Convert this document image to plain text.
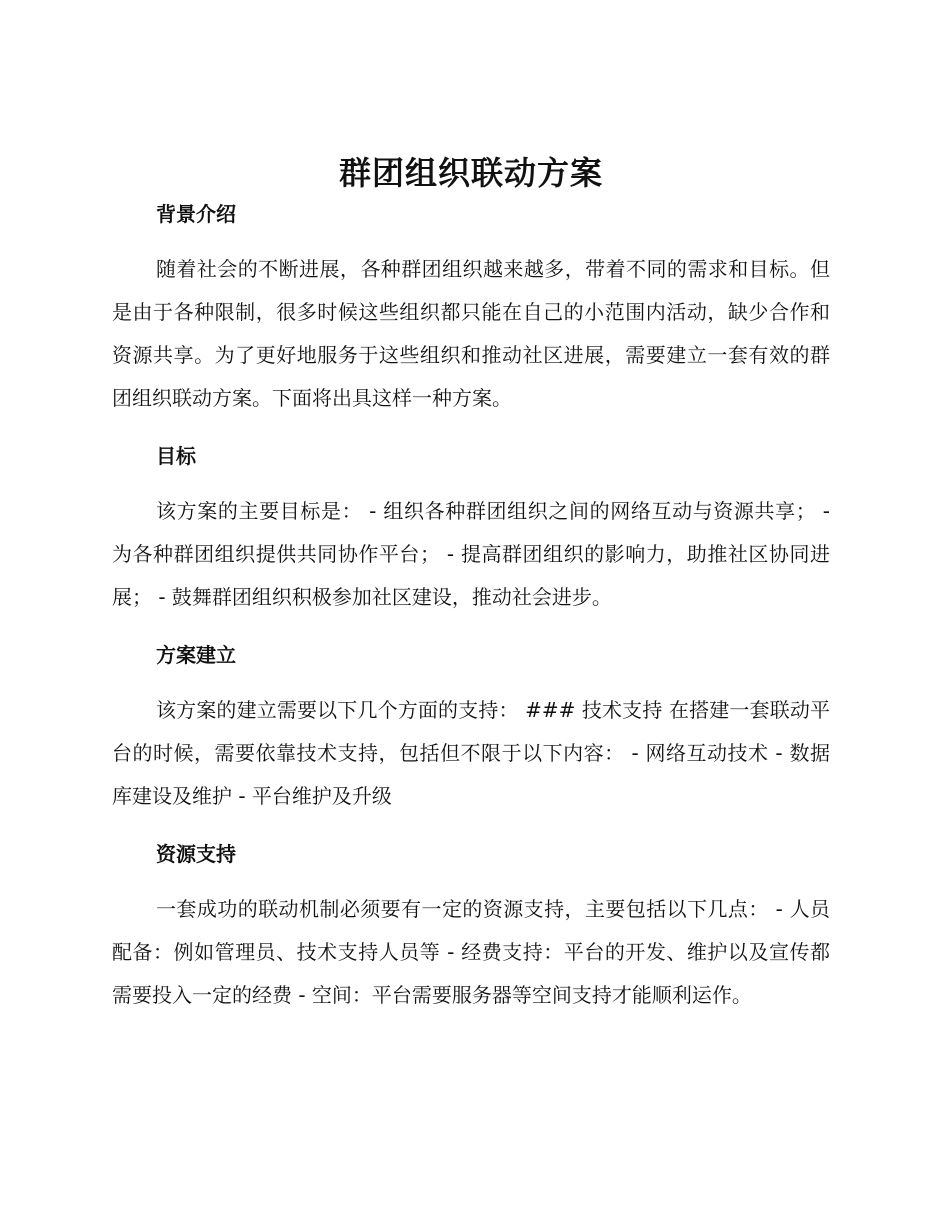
群团组织联动方案
背景介绍

随着社会的不断进展，各种群团组织越来越多，带着不同的需求和目标。但是由于各种限制，很多时候这些组织都只能在自己的小范围内活动，缺少合作和资源共享。为了更好地服务于这些组织和推动社区进展，需要建立一套有效的群团组织联动方案。下面将出具这样一种方案。

目标

该方案的主要目标是： - 组织各种群团组织之间的网络互动与资源共享； - 为各种群团组织提供共同协作平台； - 提高群团组织的影响力，助推社区协同进展； - 鼓舞群团组织积极参加社区建设，推动社会进步。

方案建立

该方案的建立需要以下几个方面的支持： ### 技术支持 在搭建一套联动平台的时候，需要依靠技术支持，包括但不限于以下内容： - 网络互动技术 - 数据库建设及维护 - 平台维护及升级

资源支持

一套成功的联动机制必须要有一定的资源支持，主要包括以下几点： - 人员配备：例如管理员、技术支持人员等 - 经费支持：平台的开发、维护以及宣传都需要投入一定的经费 - 空间：平台需要服务器等空间支持才能顺利运作。
